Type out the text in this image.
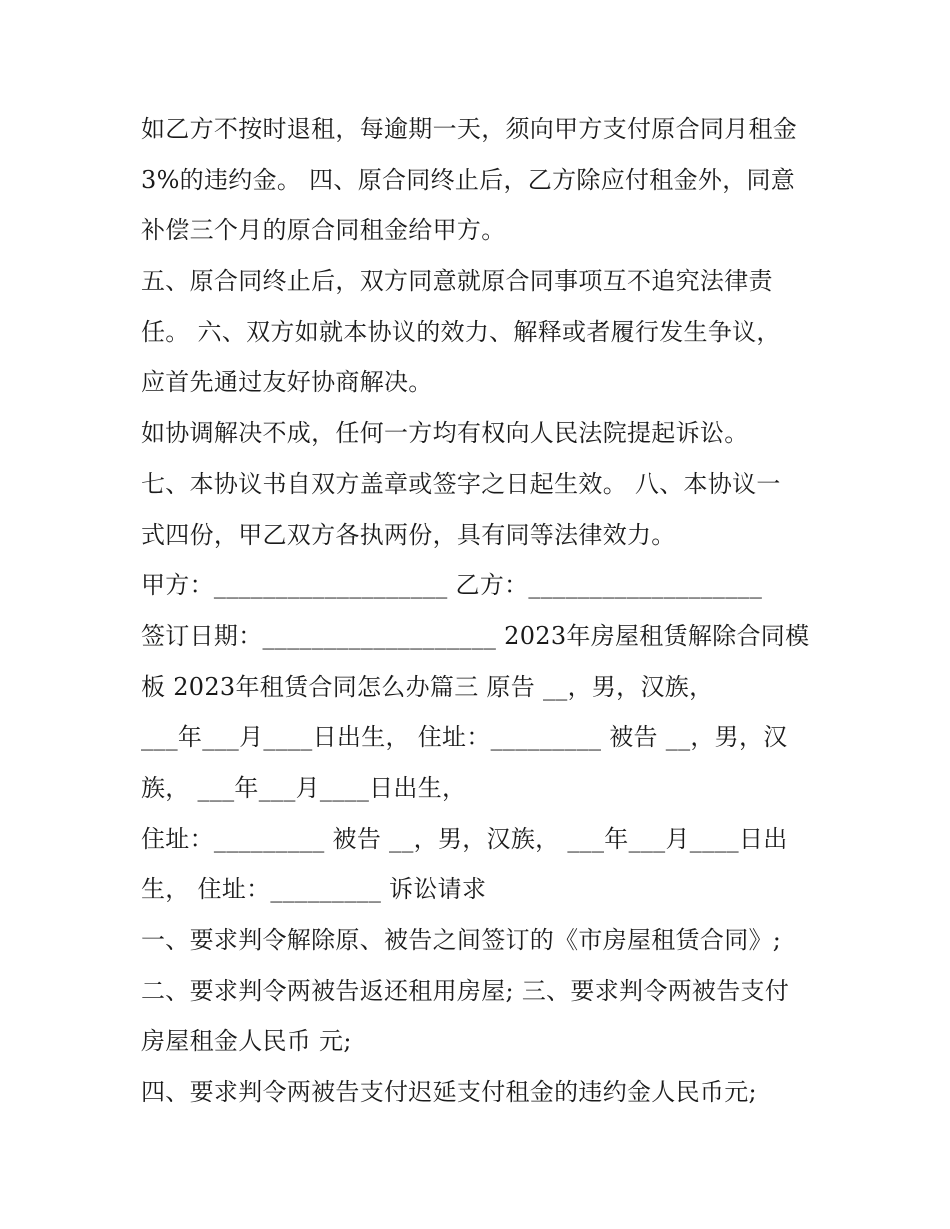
如乙方不按时退租，每逾期一天，须向甲方支付原合同月租金
3%的违约金。 四、原合同终止后，乙方除应付租金外，同意
补偿三个月的原合同租金给甲方。
五、原合同终止后，双方同意就原合同事项互不追究法律责
任。 六、双方如就本协议的效力、解释或者履行发生争议，
应首先通过友好协商解决。
如协调解决不成，任何一方均有权向人民法院提起诉讼。
七、本协议书自双方盖章或签字之日起生效。 八、本协议一
式四份，甲乙双方各执两份，具有同等法律效力。
甲方：___________________ 乙方：___________________
签订日期：___________________ 2023年房屋租赁解除合同模
板 2023年租赁合同怎么办篇三 原告 __，男，汉族，
___年___月____日出生， 住址：_________ 被告 __，男，汉
族， ___年___月____日出生，
住址：_________ 被告 __，男，汉族， ___年___月____日出
生， 住址：_________ 诉讼请求
一、要求判令解除原、被告之间签订的《市房屋租赁合同》;
二、要求判令两被告返还租用房屋; 三、要求判令两被告支付
房屋租金人民币 元;
四、要求判令两被告支付迟延支付租金的违约金人民币元;
